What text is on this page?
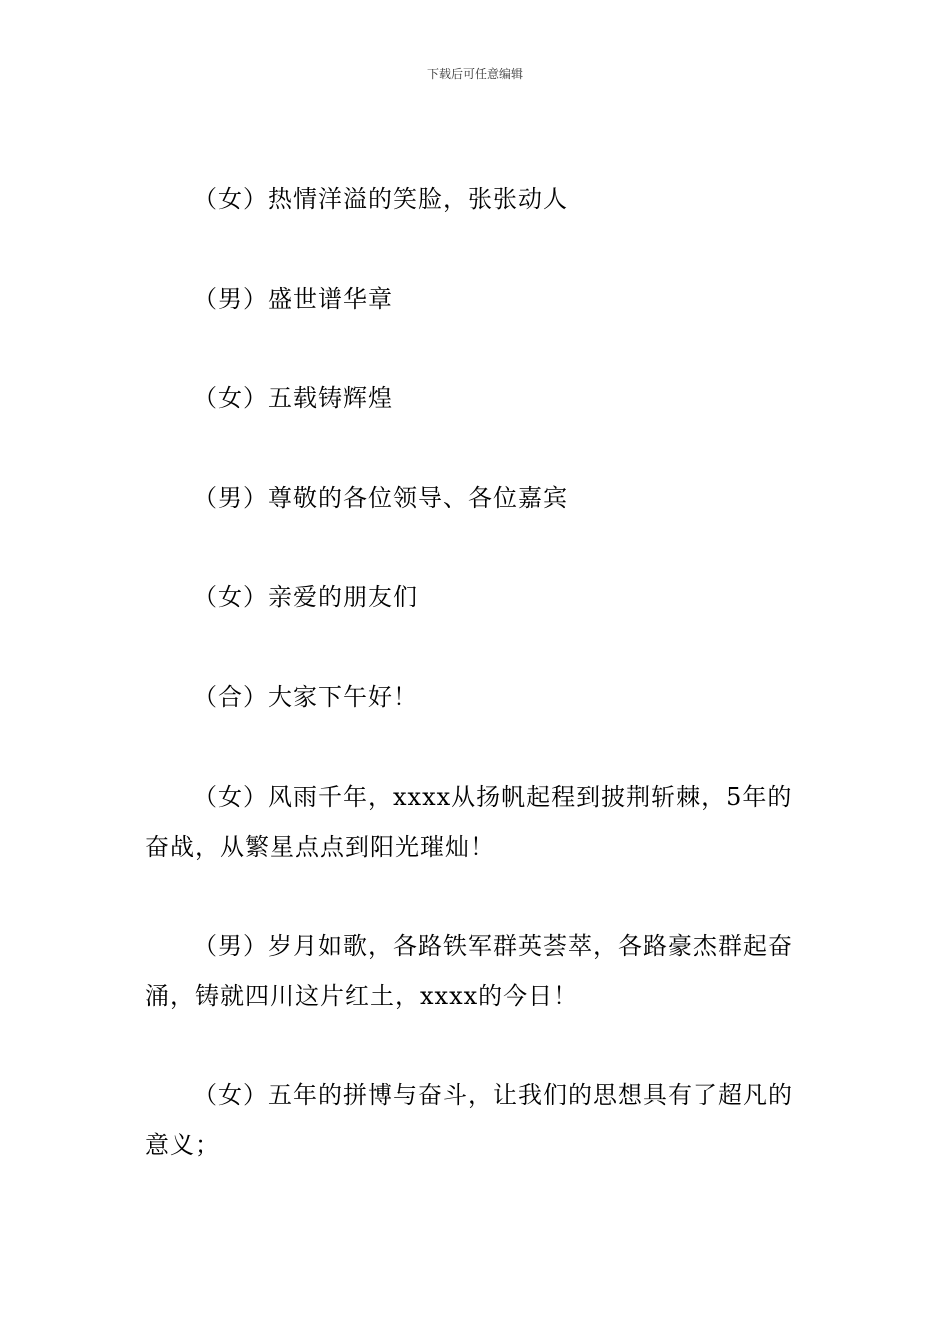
下载后可任意编辑

（女）热情洋溢的笑脸，张张动人

（男）盛世谱华章

（女）五载铸辉煌

（男）尊敬的各位领导、各位嘉宾

（女）亲爱的朋友们

（合）大家下午好！

（女）风雨千年，xxxx从扬帆起程到披荆斩棘，5年的奋战，从繁星点点到阳光璀灿！

（男）岁月如歌，各路铁军群英荟萃，各路豪杰群起奋涌，铸就四川这片红土，xxxx的今日！

（女）五年的拼博与奋斗，让我们的思想具有了超凡的意义；
